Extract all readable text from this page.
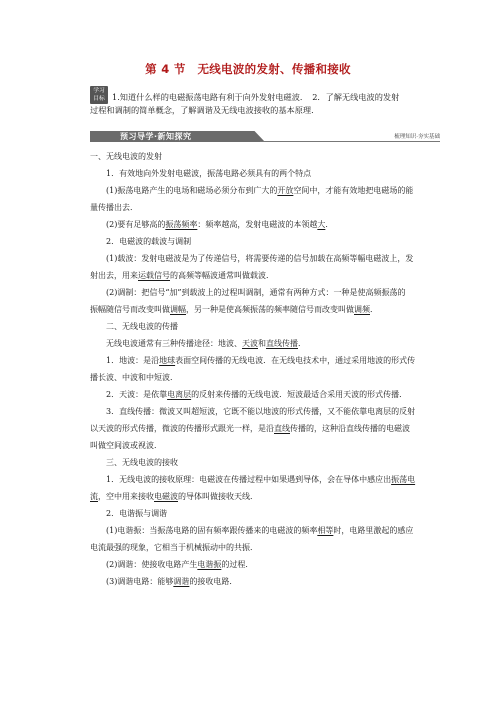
第 4 节　无线电波的发射、传播和接收
学习
目标 1.知道什么样的电磁振荡电路有利于向外发射电磁波．　2．了解无线电波的发射
过程和调制的简单概念，了解调谐及无线电波接收的基本原理．
预习导学·新知探究	梳理知识·夯实基础
一、无线电波的发射
1．有效地向外发射电磁波，振荡电路必须具有的两个特点
(1)振荡电路产生的电场和磁场必须分布到广大的开放空间中，才能有效地把电磁场的能
量传播出去．
(2)要有足够高的振荡频率：频率越高，发射电磁波的本领越大．
2．电磁波的载波与调制
(1)载波：发射电磁波是为了传递信号，将需要传递的信号加载在高频等幅电磁波上，发
射出去，用来运载信号的高频等幅波通常叫做载波．
(2)调制：把信号“加”到载波上的过程叫调制，通常有两种方式：一种是使高频振荡的
振幅随信号而改变叫做调幅，另一种是使高频振荡的频率随信号而改变叫做调频．
二、无线电波的传播
无线电波通常有三种传播途径：地波、天波和直线传播．
1．地波：是沿地球表面空间传播的无线电波．在无线电技术中，通过采用地波的形式传
播长波、中波和中短波．
2．天波：是依靠电离层的反射来传播的无线电波．短波最适合采用天波的形式传播．
3．直线传播：微波又叫超短波，它既不能以地波的形式传播，又不能依靠电离层的反射
以天波的形式传播，微波的传播形式跟光一样，是沿直线传播的，这种沿直线传播的电磁波
叫做空间波或视波．
三、无线电波的接收
1．无线电波的接收原理：电磁波在传播过程中如果遇到导体，会在导体中感应出振荡电
流，空中用来接收电磁波的导体叫做接收天线．
2．电谐振与调谐
(1)电谐振：当振荡电路的固有频率跟传播来的电磁波的频率相等时，电路里激起的感应
电流最强的现象，它相当于机械振动中的共振．
(2)调谐：使接收电路产生电谐振的过程．
(3)调谐电路：能够调谐的接收电路．
